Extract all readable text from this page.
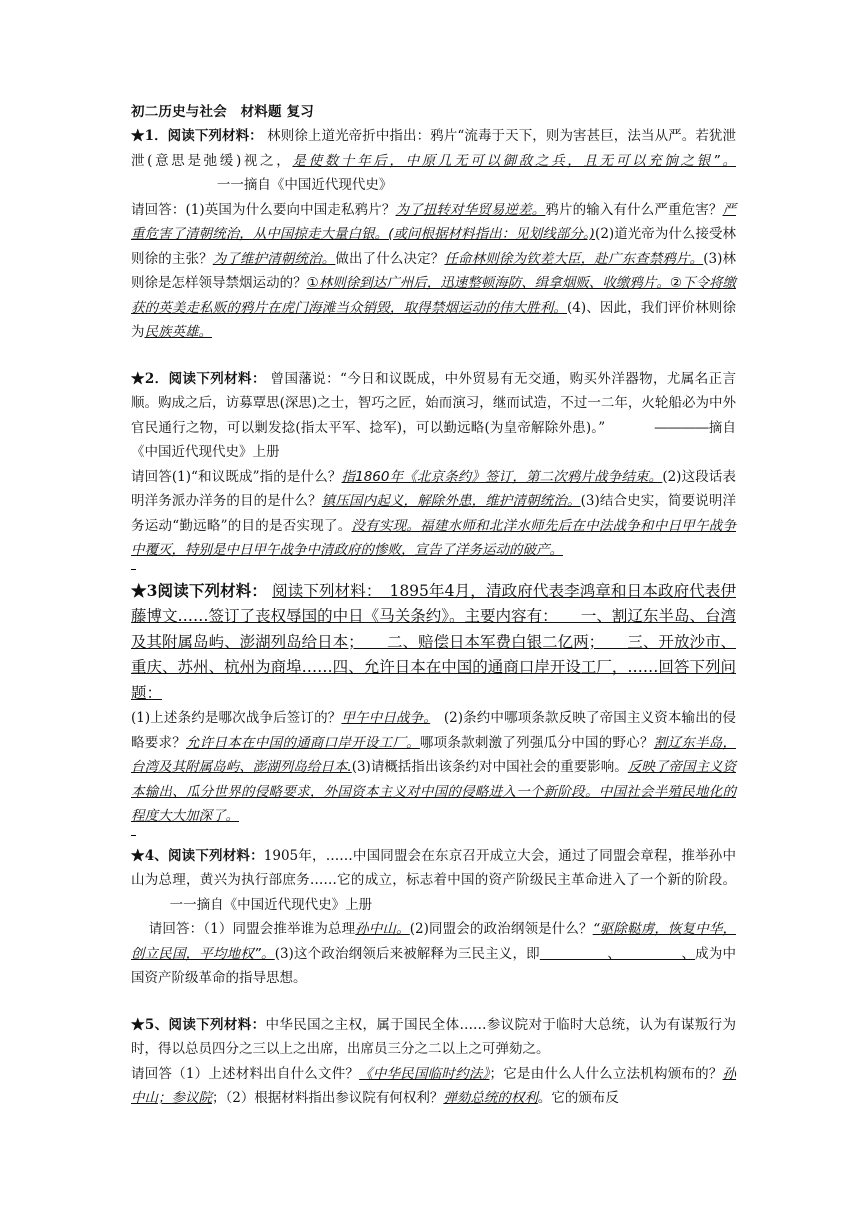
初二历史与社会　材料题 复习

★1．阅读下列材料： 林则徐上道光帝折中指出：鸦片“流毒于天下，则为害甚巨，法当从严。若犹泄泄(意思是弛缓)视之，是使数十年后，中原几无可以御敌之兵，且无可以充饷之银”。                     一一摘自《中国近代现代史》

请回答：(1)英国为什么要向中国走私鸦片？为了扭转对华贸易逆差。鸦片的输入有什么严重危害？严重危害了清朝统治，从中国掠走大量白银。(或问根据材料指出：见划线部分。)(2)道光帝为什么接受林则徐的主张？为了维护清朝统治。做出了什么决定？任命林则徐为钦差大臣，赴广东查禁鸦片。(3)林则徐是怎样领导禁烟运动的？①林则徐到达广州后，迅速整顿海防、缉拿烟贩、收缴鸦片。②下令将缴获的英美走私贩的鸦片在虎门海滩当众销毁，取得禁烟运动的伟大胜利。(4)、因此，我们评价林则徐为民族英雄。

★2．阅读下列材料： 曾国藩说：“今日和议既成，中外贸易有无交通，购买外洋器物，尤属名正言顺。购成之后，访募覃思(深思)之士，智巧之匠，始而演习，继而试造，不过一二年，火轮船必为中外官民通行之物，可以剿发捻(指太平军、捻军)，可以勤远略(为皇帝解除外患)。”	――――摘自《中国近代现代史》上册

请回答(1)“和议既成”指的是什么？指1860年《北京条约》签订，第二次鸦片战争结束。(2)这段话表明洋务派办洋务的目的是什么？镇压国内起义，解除外患，维护清朝统治。(3)结合史实，简要说明洋务运动“勤远略”的目的是否实现了。没有实现。福建水师和北洋水师先后在中法战争和中日甲午战争中覆灭，特别是中日甲午战争中清政府的惨败，宣告了洋务运动的破产。

★3阅读下列材料： 阅读下列材料：　1895年4月，清政府代表李鸿章和日本政府代表伊藤博文……签订了丧权辱国的中日《马关条约》。主要内容有：　　一、割辽东半岛、台湾及其附属岛屿、澎湖列岛给日本；　　二、赔偿日本军费白银二亿两；　　三、开放沙市、重庆、苏州、杭州为商埠……四、允许日本在中国的通商口岸开设工厂，……回答下列问题：

(1)上述条约是哪次战争后签订的？甲午中日战争。　(2)条约中哪项条款反映了帝国主义资本输出的侵略要求？允许日本在中国的通商口岸开设工厂。哪项条款刺激了列强瓜分中国的野心？割辽东半岛，台湾及其附属岛屿、澎湖列岛给日本.(3)请概括指出该条约对中国社会的重要影响。反映了帝国主义资本输出、瓜分世界的侵略要求，外国资本主义对中国的侵略进入一个新阶段。中国社会半殖民地化的程度大大加深了。

★4、阅读下列材料：1905年，……中国同盟会在东京召开成立大会，通过了同盟会章程，推举孙中山为总理，黄兴为执行部庶务……它的成立，标志着中国的资产阶级民主革命进入了一个新的阶段。          一一摘自《中国近代现代史》上册

请回答：（1）同盟会推举谁为总理孙中山。(2)同盟会的政治纲领是什么？“驱除鞑虏，恢复中华，创立民国，平均地权”。(3)这个政治纲领后来被解释为三民主义，即　　　　　、　　　　　、成为中国资产阶级革命的指导思想。

★5、阅读下列材料：中华民国之主权，属于国民全体……参议院对于临时大总统，认为有谋叛行为时，得以总员四分之三以上之出席，出席员三分之二以上之可弹劾之。

请回答（1）上述材料出自什么文件？《中华民国临时约法》；它是由什么人什么立法机构颁布的？孙中山；参议院；（2）根据材料指出参议院有何权利？弹劾总统的权利。它的颁布反
